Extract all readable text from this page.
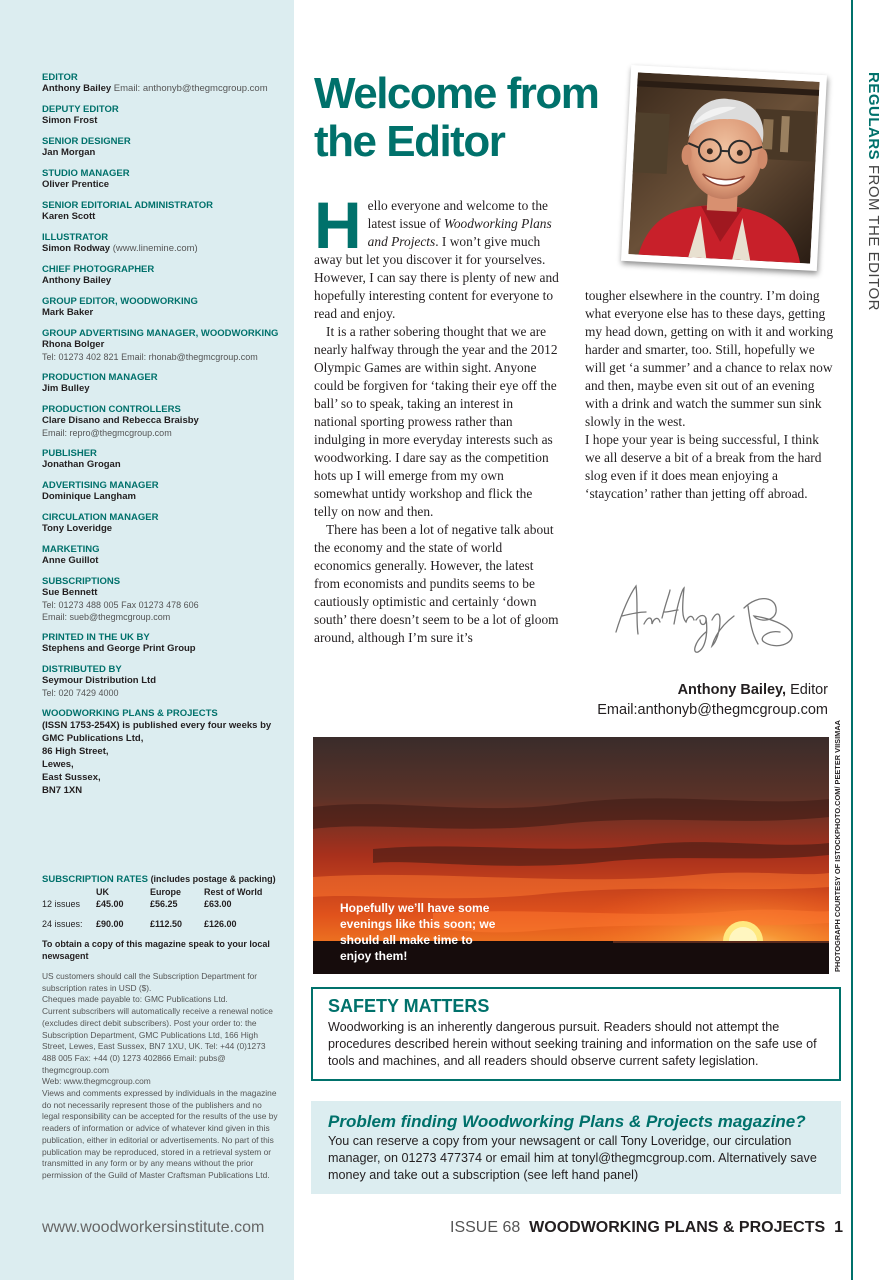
EDITOR
Anthony Bailey Email: anthonyb@thegmcgroup.com
DEPUTY EDITOR
Simon Frost
SENIOR DESIGNER
Jan Morgan
STUDIO MANAGER
Oliver Prentice
SENIOR EDITORIAL ADMINISTRATOR
Karen Scott
ILLUSTRATOR
Simon Rodway (www.linemine.com)
CHIEF PHOTOGRAPHER
Anthony Bailey
GROUP EDITOR, WOODWORKING
Mark Baker
GROUP ADVERTISING MANAGER, WOODWORKING
Rhona Bolger
Tel: 01273 402 821 Email: rhonab@thegmcgroup.com
PRODUCTION MANAGER
Jim Bulley
PRODUCTION CONTROLLERS
Clare Disano and Rebecca Braisby
Email: repro@thegmcgroup.com
PUBLISHER
Jonathan Grogan
ADVERTISING MANAGER
Dominique Langham
CIRCULATION MANAGER
Tony Loveridge
MARKETING
Anne Guillot
SUBSCRIPTIONS
Sue Bennett
Tel: 01273 488 005 Fax 01273 478 606
Email: sueb@thegmcgroup.com
PRINTED IN THE UK BY
Stephens and George Print Group
DISTRIBUTED BY
Seymour Distribution Ltd
Tel: 020 7429 4000
WOODWORKING PLANS & PROJECTS
(ISSN 1753-254X) is published every four weeks by
GMC Publications Ltd,
86 High Street,
Lewes,
East Sussex,
BN7 1XN
SUBSCRIPTION RATES (includes postage & packing)
	UK	Europe	Rest of World
12 issues	£45.00	£56.25	£63.00

24 issues:	£90.00	£112.50	£126.00
To obtain a copy of this magazine speak to your local newsagent
US customers should call the Subscription Department for subscription rates in USD ($).
Cheques made payable to: GMC Publications Ltd.
Current subscribers will automatically receive a renewal notice (excludes direct debit subscribers). Post your order to: the Subscription Department, GMC Publications Ltd, 166 High Street, Lewes, East Sussex, BN7 1XU, UK. Tel: +44 (0)1273 488 005 Fax: +44 (0) 1273 402866 Email: pubs@ thegmcgroup.com
Web: www.thegmcgroup.com
Views and comments expressed by individuals in the magazine do not necessarily represent those of the publishers and no legal responsibility can be accepted for the results of the use by readers of information or advice of whatever kind given in this publication, either in editorial or advertisements. No part of this publication may be reproduced, stored in a retrieval system or transmitted in any form or by any means without the prior permission of the Guild of Master Craftsman Publications Ltd.
www.woodworkersinstitute.com
REGULARS FROM THE EDITOR
Welcome from the Editor

Hello everyone and welcome to the latest issue of Woodworking Plans and Projects. I won’t give much away but let you discover it for yourselves. However, I can say there is plenty of new and hopefully interesting content for everyone to read and enjoy.

It is a rather sobering thought that we are nearly halfway through the year and the 2012 Olympic Games are within sight. Anyone could be forgiven for ‘taking their eye off the ball’ so to speak, taking an interest in national sporting prowess rather than indulging in more everyday interests such as woodworking. I dare say as the competition hots up I will emerge from my own somewhat untidy workshop and flick the telly on now and then.

There has been a lot of negative talk about the economy and the state of world economics generally. However, the latest from economists and pundits seems to be cautiously optimistic and certainly ‘down south’ there doesn’t seem to be a lot of gloom around, although I’m sure it’s

tougher elsewhere in the country. I’m doing what everyone else has to these days, getting my head down, getting on with it and working harder and smarter, too. Still, hopefully we will get ‘a summer’ and a chance to relax now and then, maybe even sit out of an evening with a drink and watch the summer sun sink slowly in the west.

I hope your year is being successful, I think we all deserve a bit of a break from the hard slog even if it does mean enjoying a ‘staycation’ rather than jetting off abroad.

Anthony Bailey, Editor
Email:anthonyb@thegmcgroup.com
Hopefully we’ll have some evenings like this soon; we should all make time to enjoy them!	PHOTOGRAPH COURTESY OF ISTOCKPHOTO.COM/ PEETER VIISIMAA
SAFETY MATTERS

Woodworking is an inherently dangerous pursuit. Readers should not attempt the procedures described herein without seeking training and information on the safe use of tools and machines, and all readers should observe current safety legislation.

Problem finding Woodworking Plans & Projects magazine?

You can reserve a copy from your newsagent or call Tony Loveridge, our circulation manager, on 01273 477374 or email him at tonyl@thegmcgroup.com. Alternatively save money and take out a subscription (see left hand panel)

ISSUE 68 WOODWORKING PLANS & PROJECTS 1
